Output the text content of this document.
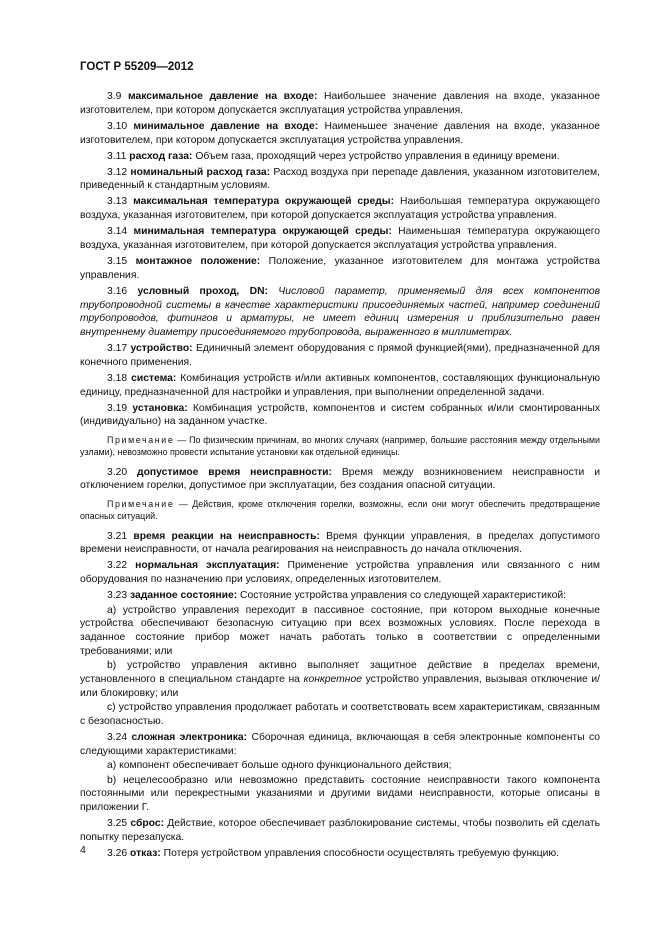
ГОСТ Р 55209—2012

3.9 максимальное давление на входе: Наибольшее значение давления на входе, указанное изготовителем, при котором допускается эксплуатация устройства управления.

3.10 минимальное давление на входе: Наименьшее значение давления на входе, указанное изготовителем, при котором допускается эксплуатация устройства управления.

3.11 расход газа: Объем газа, проходящий через устройство управления в единицу времени.

3.12 номинальный расход газа: Расход воздуха при перепаде давления, указанном изготовителем, приведенный к стандартным условиям.

3.13 максимальная температура окружающей среды: Наибольшая температура окружающего воздуха, указанная изготовителем, при которой допускается эксплуатация устройства управления.

3.14 минимальная температура окружающей среды: Наименьшая температура окружающего воздуха, указанная изготовителем, при которой допускается эксплуатация устройства управления.

3.15 монтажное положение: Положение, указанное изготовителем для монтажа устройства управления.

3.16 условный проход, DN: Числовой параметр, применяемый для всех компонентов трубопроводной системы в качестве характеристики присоединяемых частей, например соединений трубопроводов, фитингов и арматуры, не имеет единиц измерения и приблизительно равен внутреннему диаметру присоединяемого трубопровода, выраженного в миллиметрах.

3.17 устройство: Единичный элемент оборудования с прямой функцией(ями), предназначенной для конечного применения.

3.18 система: Комбинация устройств и/или активных компонентов, составляющих функциональную единицу, предназначенной для настройки и управления, при выполнении определенной задачи.

3.19 установка: Комбинация устройств, компонентов и систем собранных и/или смонтированных (индивидуально) на заданном участке.

Примечание — По физическим причинам, во многих случаях (например, большие расстояния между отдельными узлами), невозможно провести испытание установки как отдельной единицы.

3.20 допустимое время неисправности: Время между возникновением неисправности и отключением горелки, допустимое при эксплуатации, без создания опасной ситуации.

Примечание — Действия, кроме отключения горелки, возможны, если они могут обеспечить предотвращение опасных ситуаций.

3.21 время реакции на неисправность: Время функции управления, в пределах допустимого времени неисправности, от начала реагирования на неисправность до начала отключения.

3.22 нормальная эксплуатация: Применение устройства управления или связанного с ним оборудования по назначению при условиях, определенных изготовителем.

3.23 заданное состояние: Состояние устройства управления со следующей характеристикой:

a) устройство управления переходит в пассивное состояние, при котором выходные конечные устройства обеспечивают безопасную ситуацию при всех возможных условиях. После перехода в заданное состояние прибор может начать работать только в соответствии с определенными требованиями; или

b) устройство управления активно выполняет защитное действие в пределах времени, установленного в специальном стандарте на конкретное устройство управления, вызывая отключение и/или блокировку; или

c) устройство управления продолжает работать и соответствовать всем характеристикам, связанным с безопасностью.

3.24 сложная электроника: Сборочная единица, включающая в себя электронные компоненты со следующими характеристиками:

a) компонент обеспечивает больше одного функционального действия;

b) нецелесообразно или невозможно представить состояние неисправности такого компонента постоянными или перекрестными указаниями и другими видами неисправности, которые описаны в приложении Г.

3.25 сброс: Действие, которое обеспечивает разблокирование системы, чтобы позволить ей сделать попытку перезапуска.

3.26 отказ: Потеря устройством управления способности осуществлять требуемую функцию.

4
